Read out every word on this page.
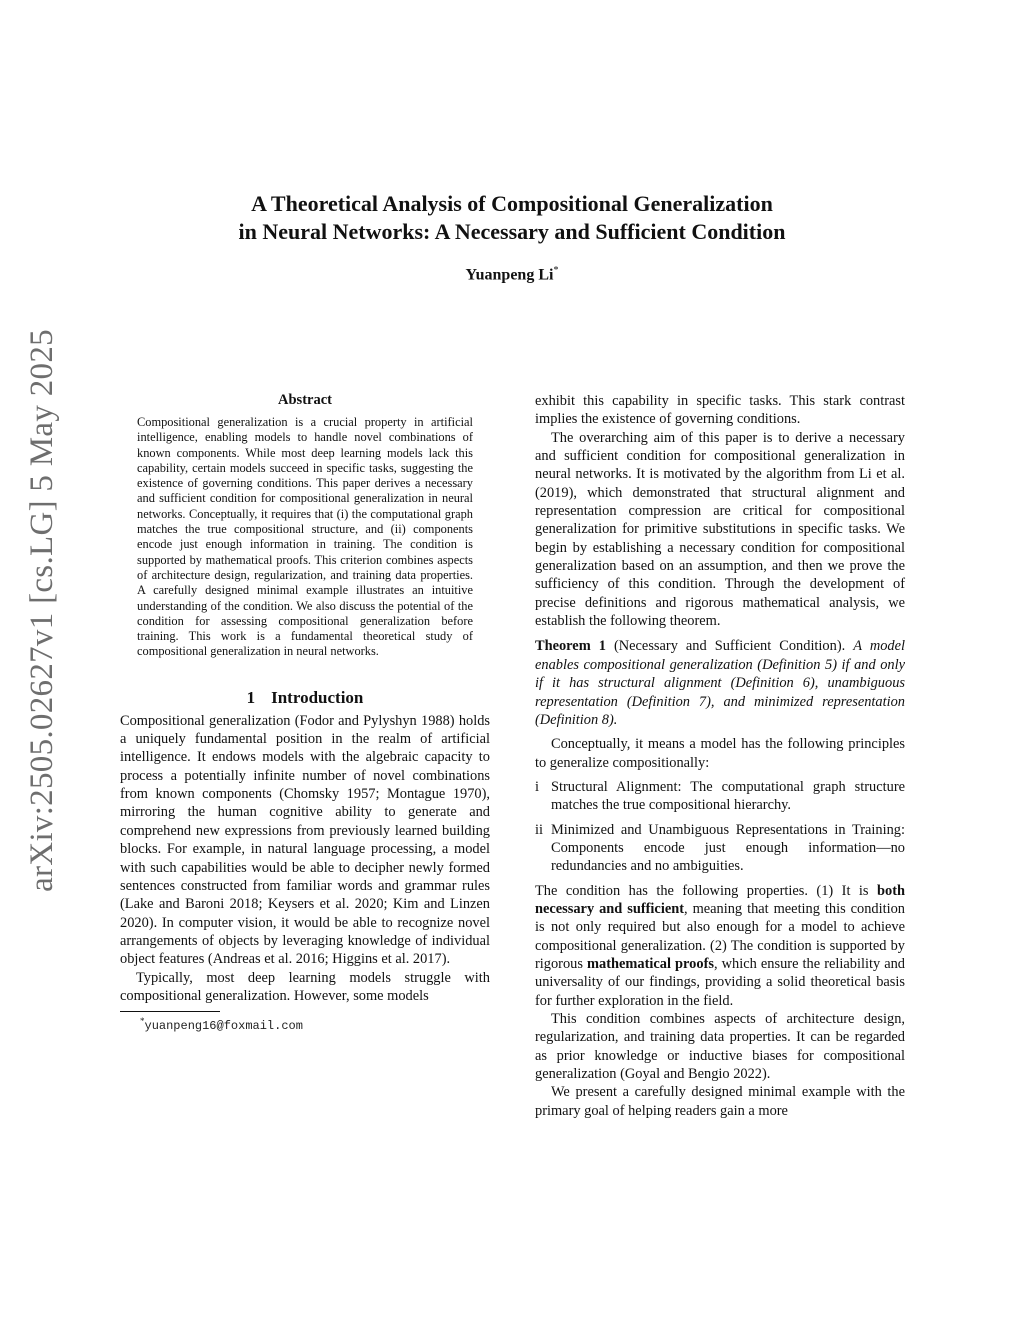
arXiv:2505.02627v1 [cs.LG] 5 May 2025
A Theoretical Analysis of Compositional Generalization
in Neural Networks: A Necessary and Sufficient Condition
Yuanpeng Li*
Abstract

Compositional generalization is a crucial property in artificial intelligence, enabling models to handle novel combinations of known components. While most deep learning models lack this capability, certain models succeed in specific tasks, suggesting the existence of governing conditions. This paper derives a necessary and sufficient condition for compositional generalization in neural networks. Conceptually, it requires that (i) the computational graph matches the true compositional structure, and (ii) components encode just enough information in training. The condition is supported by mathematical proofs. This criterion combines aspects of architecture design, regularization, and training data properties. A carefully designed minimal example illustrates an intuitive understanding of the condition. We also discuss the potential of the condition for assessing compositional generalization before training. This work is a fundamental theoretical study of compositional generalization in neural networks.

1 Introduction

Compositional generalization (Fodor and Pylyshyn 1988) holds a uniquely fundamental position in the realm of artificial intelligence. It endows models with the algebraic capacity to process a potentially infinite number of novel combinations from known components (Chomsky 1957; Montague 1970), mirroring the human cognitive ability to generate and comprehend new expressions from previously learned building blocks. For example, in natural language processing, a model with such capabilities would be able to decipher newly formed sentences constructed from familiar words and grammar rules (Lake and Baroni 2018; Keysers et al. 2020; Kim and Linzen 2020). In computer vision, it would be able to recognize novel arrangements of objects by leveraging knowledge of individual object features (Andreas et al. 2016; Higgins et al. 2017).

Typically, most deep learning models struggle with compositional generalization. However, some models

*yuanpeng16@foxmail.com

exhibit this capability in specific tasks. This stark contrast implies the existence of governing conditions.

The overarching aim of this paper is to derive a necessary and sufficient condition for compositional generalization in neural networks. It is motivated by the algorithm from Li et al. (2019), which demonstrated that structural alignment and representation compression are critical for compositional generalization for primitive substitutions in specific tasks. We begin by establishing a necessary condition for compositional generalization based on an assumption, and then we prove the sufficiency of this condition. Through the development of precise definitions and rigorous mathematical analysis, we establish the following theorem.

Theorem 1 (Necessary and Sufficient Condition). A model enables compositional generalization (Definition 5) if and only if it has structural alignment (Definition 6), unambiguous representation (Definition 7), and minimized representation (Definition 8).

Conceptually, it means a model has the following principles to generalize compositionally:

i Structural Alignment: The computational graph structure matches the true compositional hierarchy.
ii Minimized and Unambiguous Representations in Training: Components encode just enough information—no redundancies and no ambiguities.

The condition has the following properties. (1) It is both necessary and sufficient, meaning that meeting this condition is not only required but also enough for a model to achieve compositional generalization. (2) The condition is supported by rigorous mathematical proofs, which ensure the reliability and universality of our findings, providing a solid theoretical basis for further exploration in the field.

This condition combines aspects of architecture design, regularization, and training data properties. It can be regarded as prior knowledge or inductive biases for compositional generalization (Goyal and Bengio 2022).

We present a carefully designed minimal example with the primary goal of helping readers gain a more
